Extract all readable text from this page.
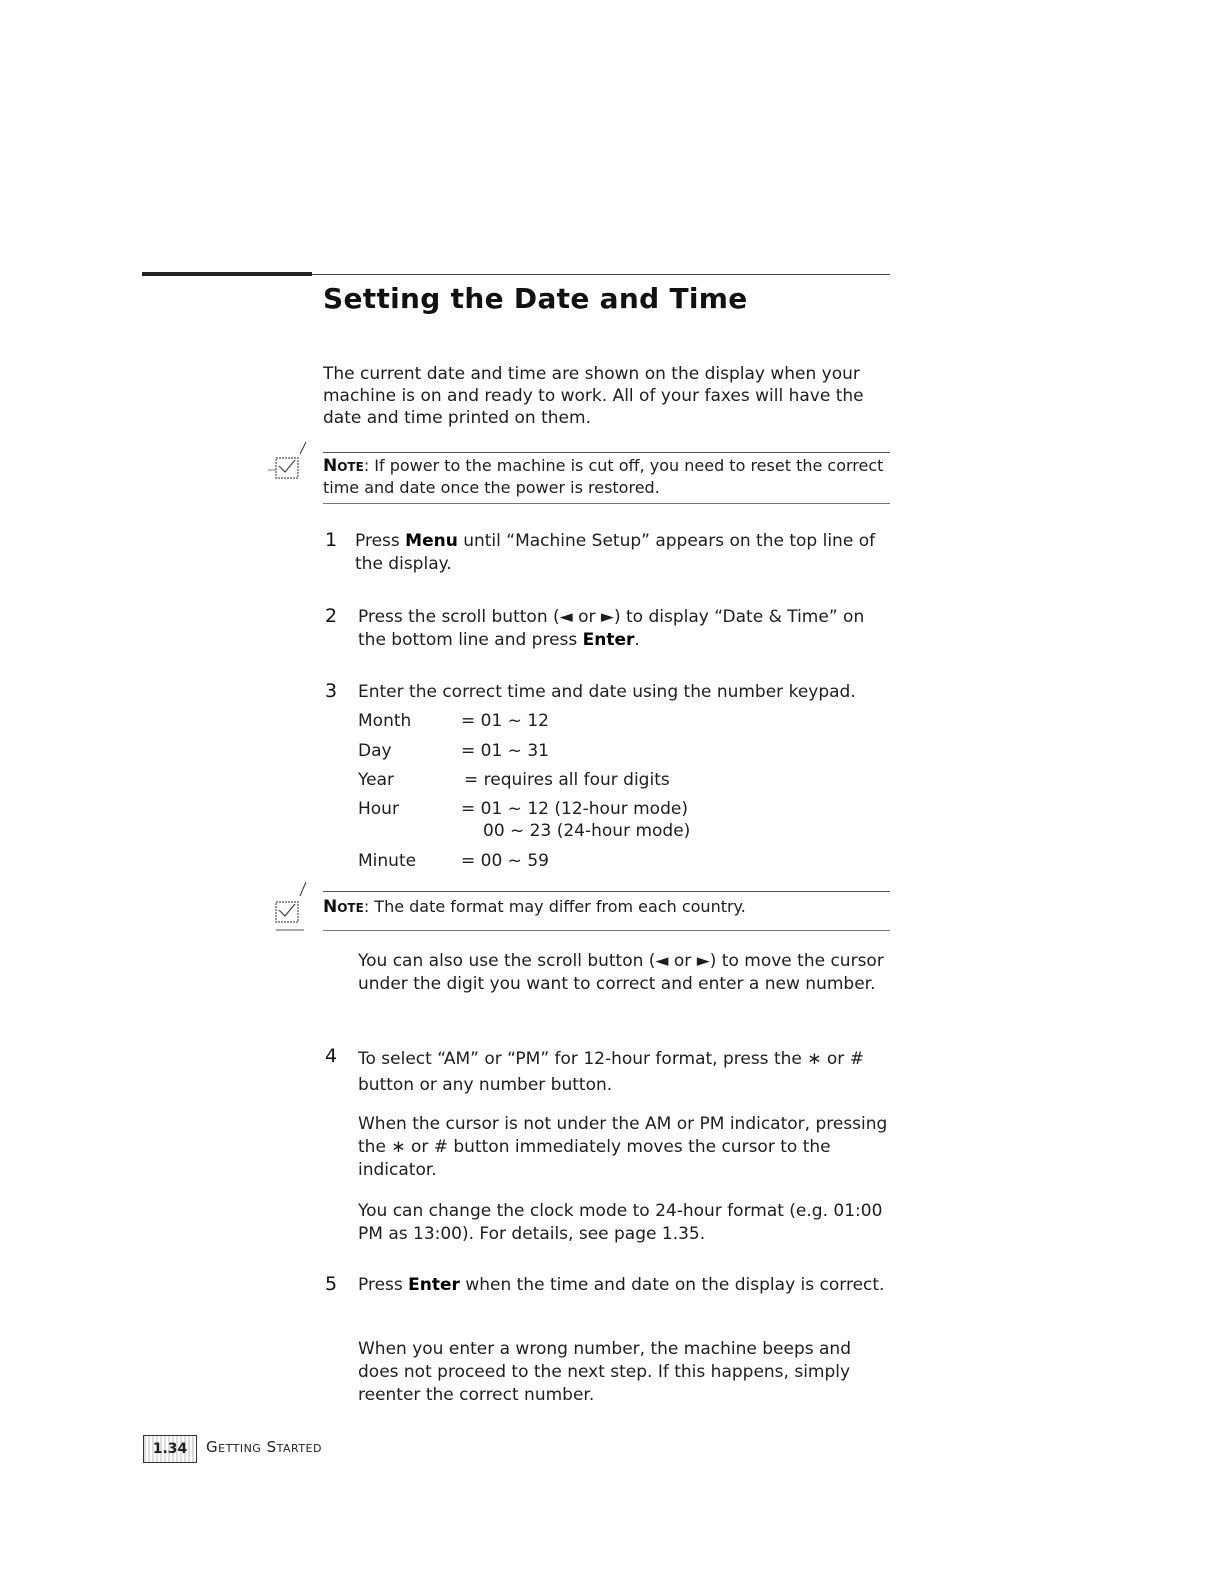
Setting the Date and Time

The current date and time are shown on the display when your machine is on and ready to work. All of your faxes will have the date and time printed on them.

Note: If power to the machine is cut off, you need to reset the correct time and date once the power is restored.
1	Press Menu until “Machine Setup” appears on the top line of the display.

2	Press the scroll button (◄ or ►) to display “Date & Time” on the bottom line and press Enter.

3	Enter the correct time and date using the number keypad.

Month	= 01 ~ 12
Day	= 01 ~ 31
Year	= requires all four digits
Hour	= 01 ~ 12 (12-hour mode)
00 ~ 23 (24-hour mode)
Minute	= 00 ~ 59
Note: The date format may differ from each country.

You can also use the scroll button (◄ or ►) to move the cursor under the digit you want to correct and enter a new number.

4	To select “AM” or “PM” for 12-hour format, press the ∗ or # button or any number button.

When the cursor is not under the AM or PM indicator, pressing the ∗ or # button immediately moves the cursor to the indicator.

You can change the clock mode to 24-hour format (e.g. 01:00 PM as 13:00). For details, see page 1.35.

5	Press Enter when the time and date on the display is correct.

When you enter a wrong number, the machine beeps and does not proceed to the next step. If this happens, simply reenter the correct number.

1.34	Getting Started
